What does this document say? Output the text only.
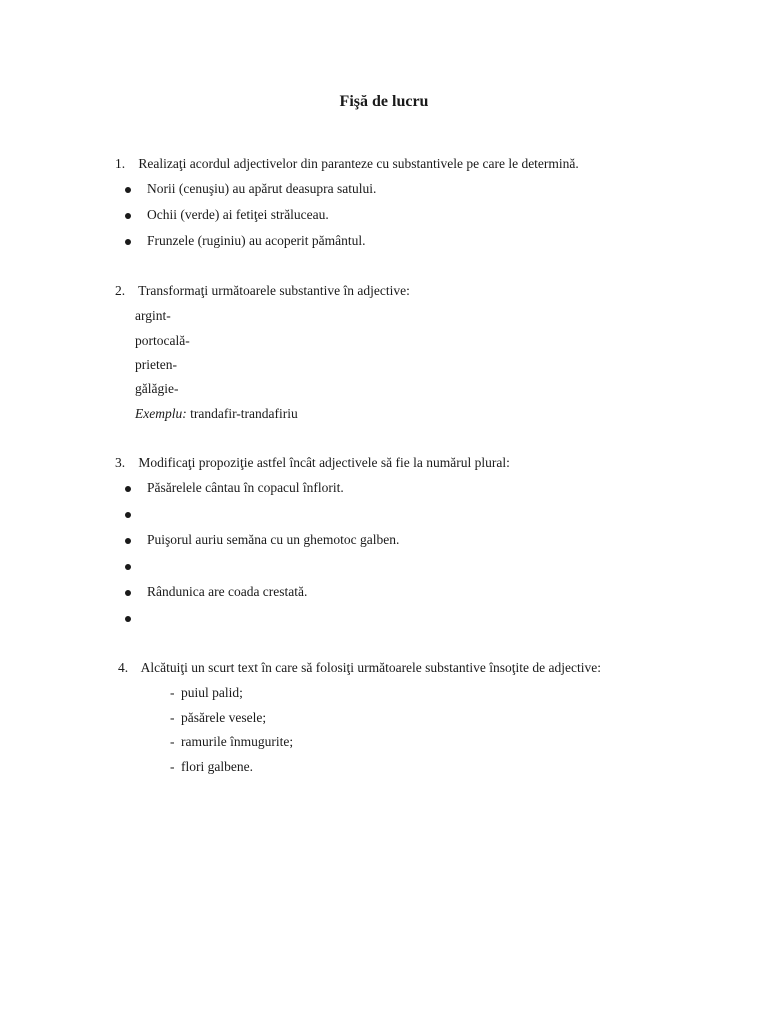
Fişă de lucru
1. Realizaţi acordul adjectivelor din paranteze cu substantivele pe care le determină.
Norii (cenuşiu) au apărut deasupra satului.
Ochii (verde) ai fetiţei străluceau.
Frunzele (ruginiu) au acoperit pământul.
2. Transformaţi următoarele substantive în adjective:
argint-
portocală-
prieten-
gălăgie-
Exemplu: trandafir-trandafiriu
3. Modificaţi propoziţie astfel încât adjectivele să fie la numărul plural:
Păsărelele cântau în copacul înflorit.
Puişorul auriu semăna cu un ghemotoc galben.
Rândunica are coada crestată.
4. Alcătuiţi un scurt text în care să folosiţi următoarele substantive însoţite de adjective:
- puiul palid;
- păsărele vesele;
- ramurile înmugurite;
- flori galbene.
